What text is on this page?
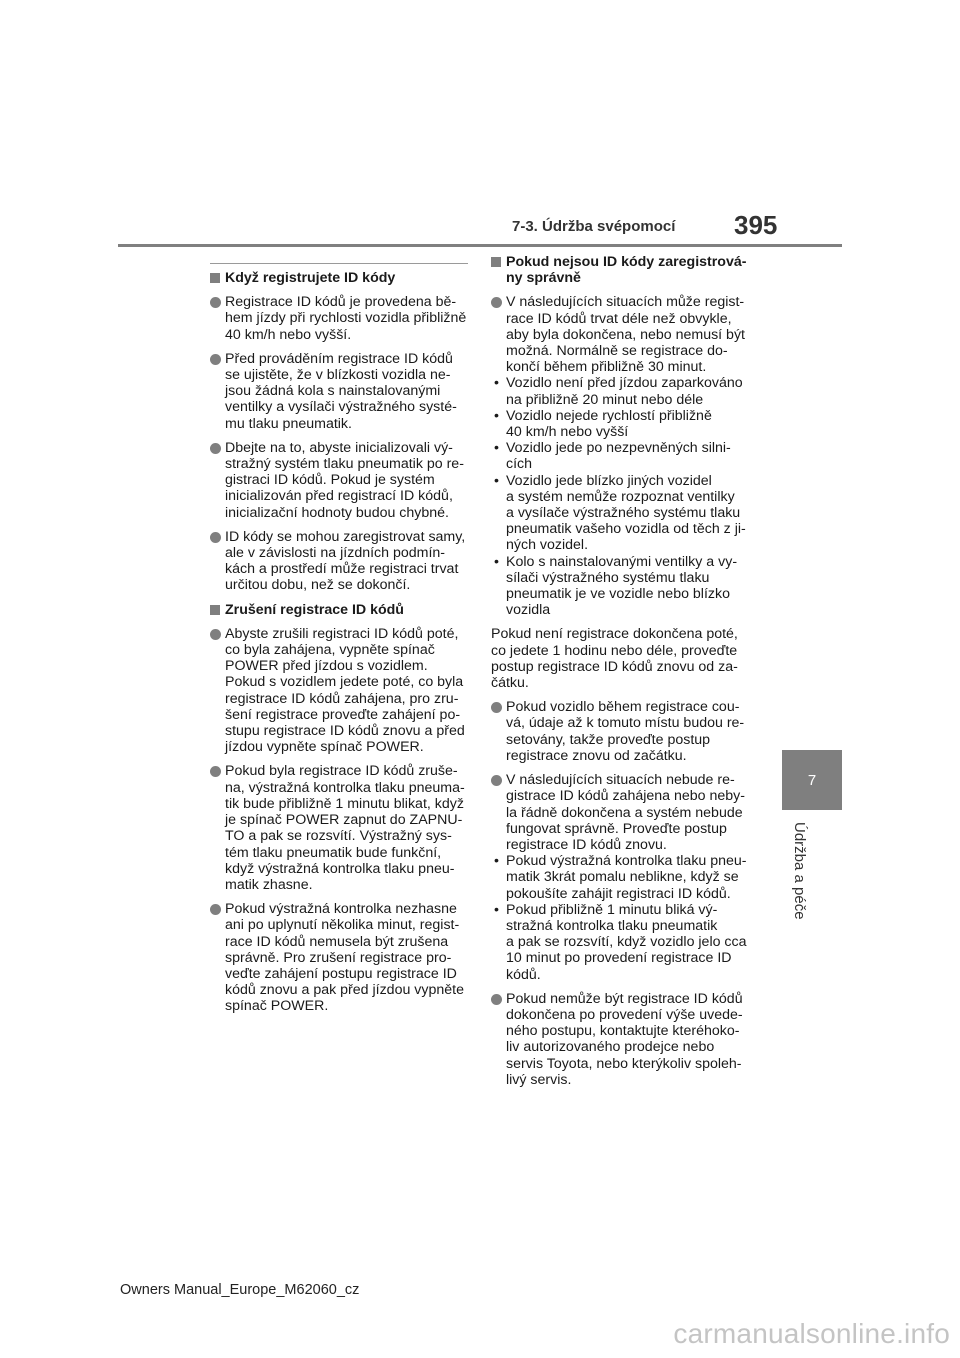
7-3. Údržba svépomocí 395
7
Údržba a péče
Když registrujete ID kódy
Registrace ID kódů je provedena bě-
hem jízdy při rychlosti vozidla přibližně
40 km/h nebo vyšší.
Před prováděním registrace ID kódů
se ujistěte, že v blízkosti vozidla ne-
jsou žádná kola s nainstalovanými
ventilky a vysílači výstražného systé-
mu tlaku pneumatik.
Dbejte na to, abyste inicializovali vý-
stražný systém tlaku pneumatik po re-
gistraci ID kódů. Pokud je systém
inicializován před registrací ID kódů,
inicializační hodnoty budou chybné.
ID kódy se mohou zaregistrovat samy,
ale v závislosti na jízdních podmín-
kách a prostředí může registraci trvat
určitou dobu, než se dokončí.
Zrušení registrace ID kódů
Abyste zrušili registraci ID kódů poté,
co byla zahájena, vypněte spínač
POWER před jízdou s vozidlem.
Pokud s vozidlem jedete poté, co byla
registrace ID kódů zahájena, pro zru-
šení registrace proveďte zahájení po-
stupu registrace ID kódů znovu a před
jízdou vypněte spínač POWER.
Pokud byla registrace ID kódů zruše-
na, výstražná kontrolka tlaku pneuma-
tik bude přibližně 1 minutu blikat, když
je spínač POWER zapnut do ZAPNU-
TO a pak se rozsvítí. Výstražný sys-
tém tlaku pneumatik bude funkční,
když výstražná kontrolka tlaku pneu-
matik zhasne.
Pokud výstražná kontrolka nezhasne
ani po uplynutí několika minut, regist-
race ID kódů nemusela být zrušena
správně. Pro zrušení registrace pro-
veďte zahájení postupu registrace ID
kódů znovu a pak před jízdou vypněte
spínač POWER.
Pokud nejsou ID kódy zaregistrová-
ny správně
V následujících situacích může regist-
race ID kódů trvat déle než obvykle,
aby byla dokončena, nebo nemusí být
možná. Normálně se registrace do-
končí během přibližně 30 minut.
• Vozidlo není před jízdou zaparkováno
na přibližně 20 minut nebo déle
• Vozidlo nejede rychlostí přibližně
40 km/h nebo vyšší
• Vozidlo jede po nezpevněných silni-
cích
• Vozidlo jede blízko jiných vozidel
a systém nemůže rozpoznat ventilky
a vysílače výstražného systému tlaku
pneumatik vašeho vozidla od těch z ji-
ných vozidel.
• Kolo s nainstalovanými ventilky a vy-
sílači výstražného systému tlaku
pneumatik je ve vozidle nebo blízko
vozidla
Pokud není registrace dokončena poté,
co jedete 1 hodinu nebo déle, proveďte
postup registrace ID kódů znovu od za-
čátku.
Pokud vozidlo během registrace cou-
vá, údaje až k tomuto místu budou re-
setovány, takže proveďte postup
registrace znovu od začátku.
V následujících situacích nebude re-
gistrace ID kódů zahájena nebo neby-
la řádně dokončena a systém nebude
fungovat správně. Proveďte postup
registrace ID kódů znovu.
• Pokud výstražná kontrolka tlaku pneu-
matik 3krát pomalu neblikne, když se
pokoušíte zahájit registraci ID kódů.
• Pokud přibližně 1 minutu bliká vý-
stražná kontrolka tlaku pneumatik
a pak se rozsvítí, když vozidlo jelo cca
10 minut po provedení registrace ID
kódů.
Pokud nemůže být registrace ID kódů
dokončena po provedení výše uvede-
ného postupu, kontaktujte kteréhoko-
liv autorizovaného prodejce nebo
servis Toyota, nebo kterýkoliv spoleh-
livý servis.
Owners Manual_Europe_M62060_cz
carmanualsonline.info
